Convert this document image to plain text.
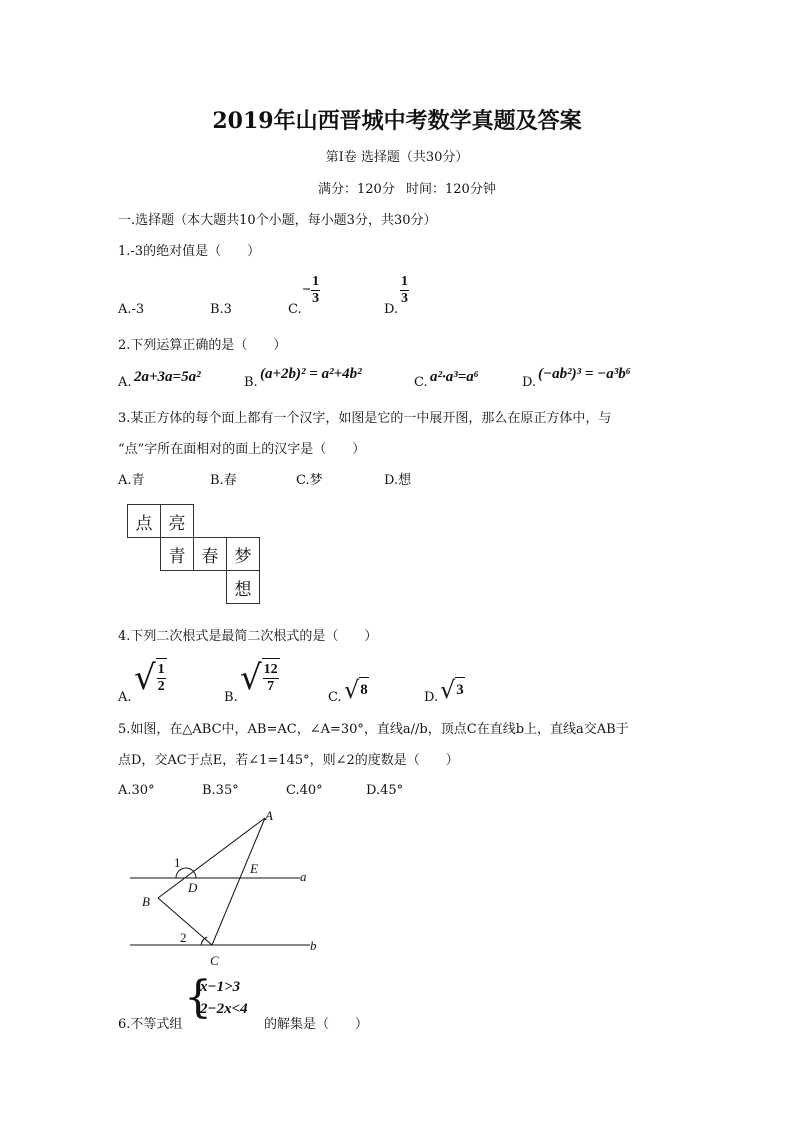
2019年山西晋城中考数学真题及答案
第Ⅰ卷 选择题（共30分）
满分：120分 时间：120分钟
一.选择题（本大题共10个小题，每小题3分，共30分）
1.-3的绝对值是（　　）
A.-3	B.3	C.
− $\frac{1}{3}$
D.
$\frac{1}{3}$
2.下列运算正确的是（　　）
A. 2a+3a=5a²	B.
(a+2b)² = a²+4b²
C. a²·a³=a⁶	D.
(−ab²)³ = −a³b⁶
3.某正方体的每个面上都有一个汉字，如图是它的一中展开图，那么在原正方体中，与
“点”字所在面相对的面上的汉字是（　　）
A.青	B.春	C.梦	D.想
点	亮		
	青	春	梦
			想
4.下列二次根式是最简二次根式的是（　　）
A. √ $\frac{1}{2}$
B. √ $\frac{12}{7}$
C. √ 8	D. √ 3
5.如图，在△ABC中，AB=AC，∠A=30°，直线a//b，顶点C在直线b上，直线a交AB于
点D，交AC于点E，若∠1=145°，则∠2的度数是（　　）
A.30°	B.35°	C.40°	D.45°
A
B
C
D
E
a
b
1
2
6.不等式组
{
x−1>3
2−2x<4
的解集是（　　）
